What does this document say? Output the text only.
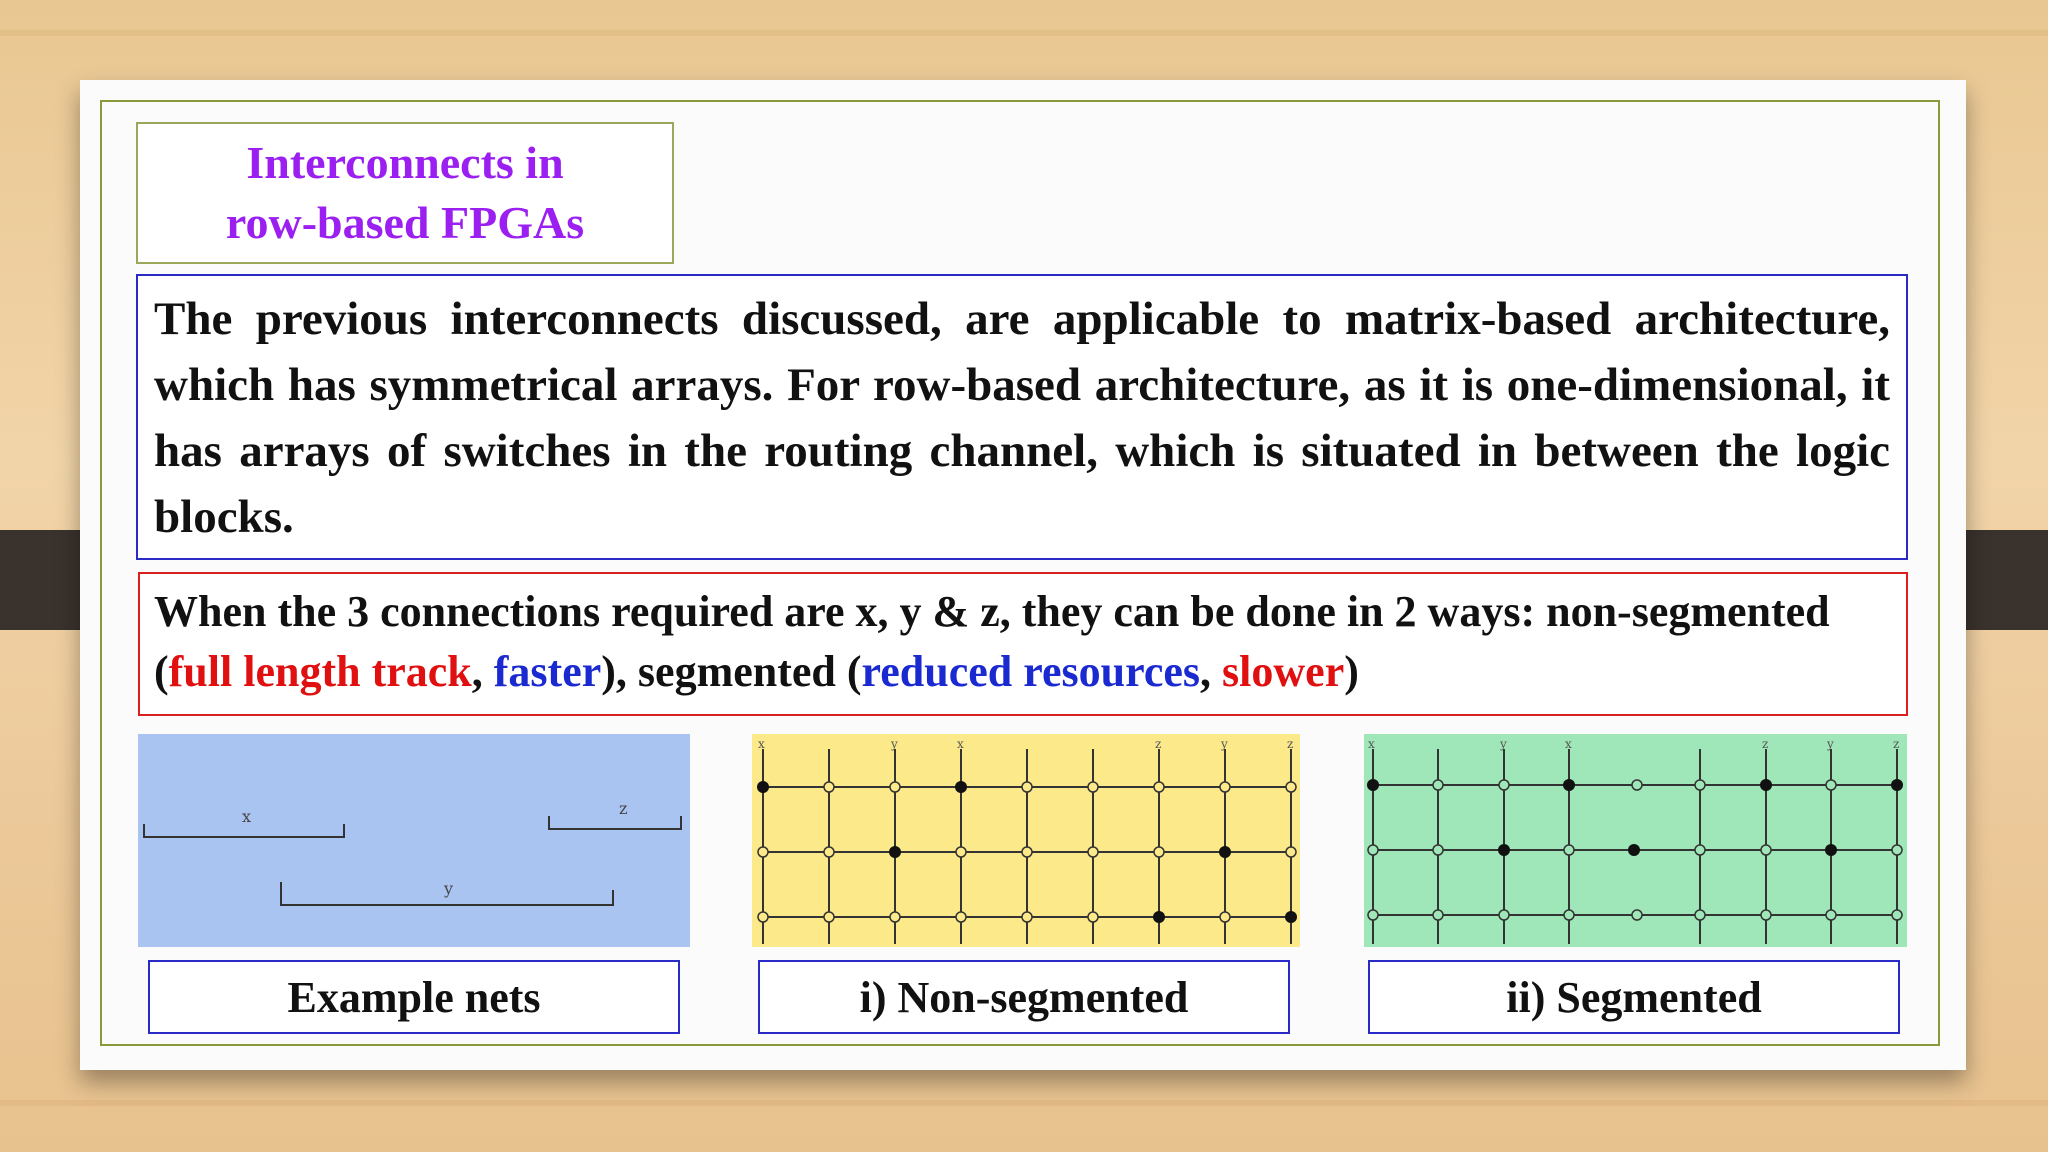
Interconnects in
row-based FPGAs
The previous interconnects discussed, are applicable to matrix-based architecture, which has symmetrical arrays. For row-based architecture, as it is one-dimensional, it has arrays of switches in the routing channel, which is situated in between the logic blocks.
When the 3 connections required are x, y & z, they can be done in 2 ways: non-segmented (full length track, faster), segmented (reduced resources, slower)
x	z
y
x	y	x	z	y	z	x	y	x	z	y	z
Example nets	i) Non-segmented	ii) Segmented
